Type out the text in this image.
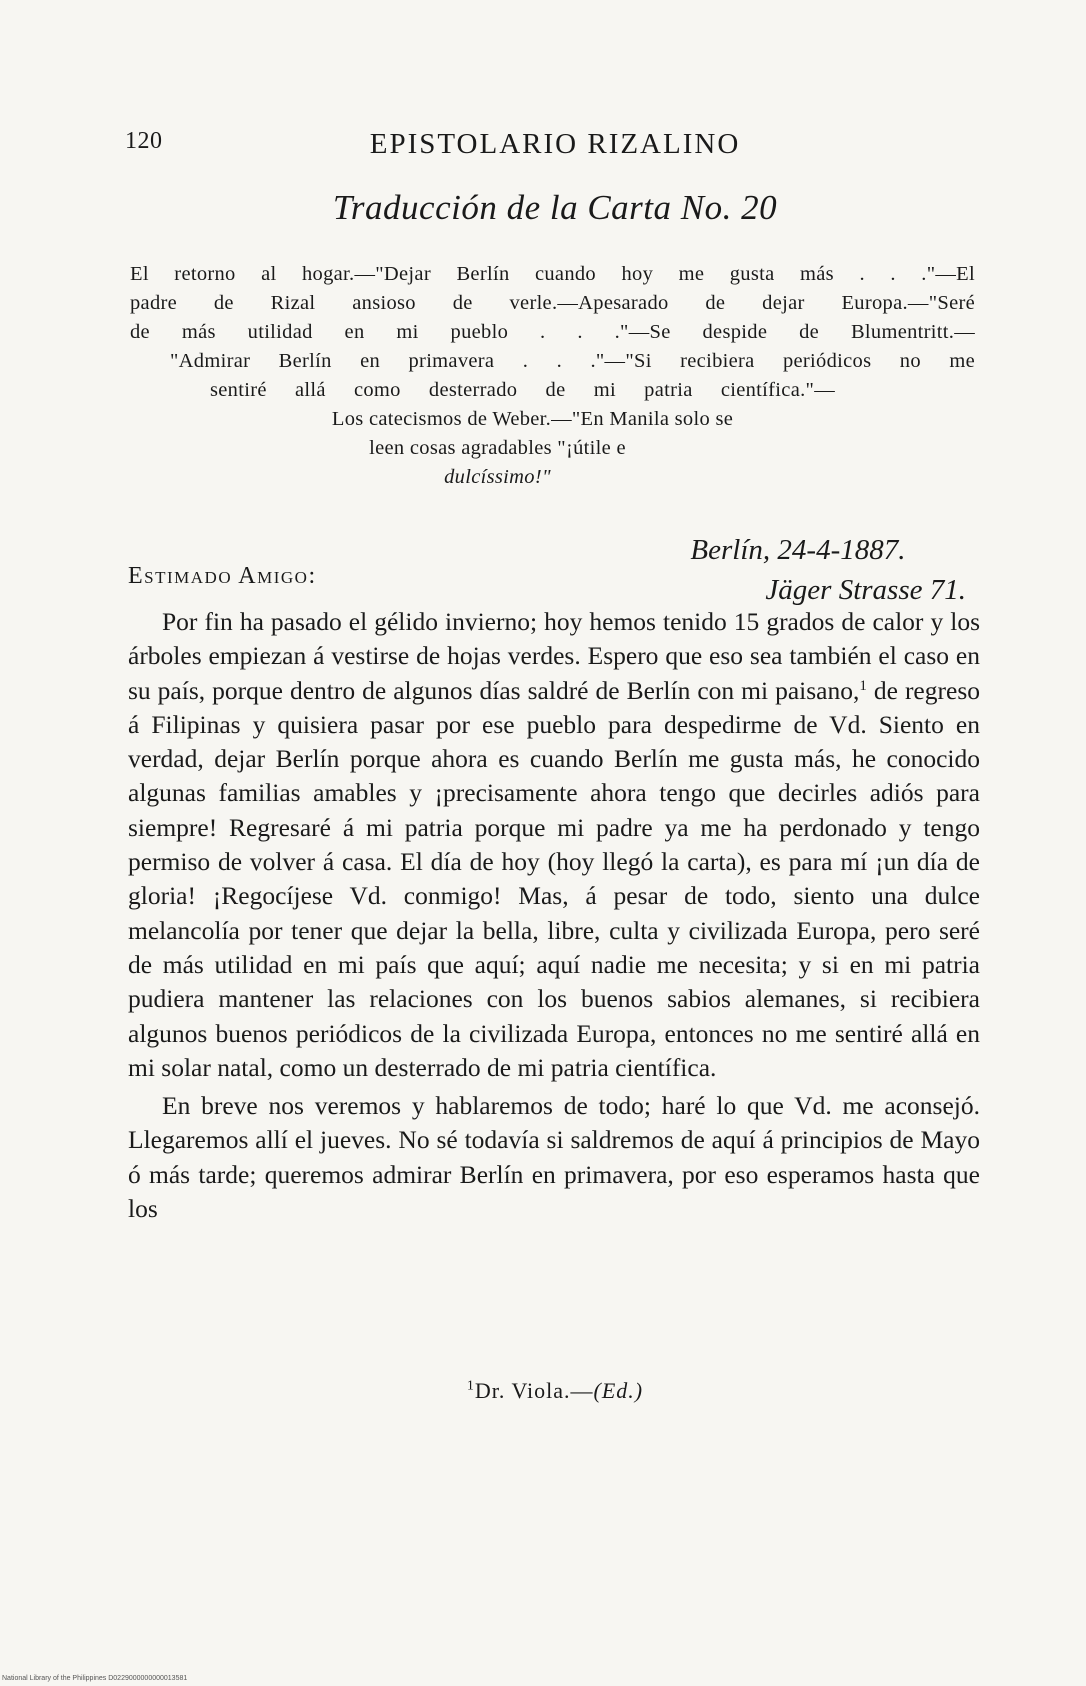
120	EPISTOLARIO RIZALINO
Traducción de la Carta No. 20

El retorno al hogar.—"Dejar Berlín cuando hoy me gusta más . . ."—El

padre de Rizal ansioso de verle.—Apesarado de dejar Europa.—"Seré

de más utilidad en mi pueblo . . ."—Se despide de Blumentritt.—

"Admirar Berlín en primavera . . ."—"Si recibiera periódicos no me

sentiré allá como desterrado de mi patria científica."—

Los catecismos de Weber.—"En Manila solo se

leen cosas agradables "¡útile e

dulcíssimo!"

Berlín, 24-4-1887.
Jäger Strasse 71.
Estimado Amigo:

Por fin ha pasado el gélido invierno; hoy hemos tenido 15 grados de calor y los árboles empiezan á vestirse de hojas verdes. Espero que eso sea también el caso en su país, porque dentro de algunos días saldré de Berlín con mi paisano,$^1$ de regreso á Filipinas y quisiera pasar por ese pueblo para despedirme de Vd. Siento en verdad, dejar Berlín porque ahora es cuando Berlín me gusta más, he conocido algunas familias amables y ¡precisamente ahora tengo que decirles adiós para siempre! Regresaré á mi patria porque mi padre ya me ha perdonado y tengo permiso de volver á casa. El día de hoy (hoy llegó la carta), es para mí ¡un día de gloria! ¡Regocíjese Vd. conmigo! Mas, á pesar de todo, siento una dulce melancolía por tener que dejar la bella, libre, culta y civilizada Europa, pero seré de más utilidad en mi país que aquí; aquí nadie me necesita; y si en mi patria pudiera mantener las relaciones con los buenos sabios alemanes, si recibiera algunos buenos periódicos de la civilizada Europa, entonces no me sentiré allá en mi solar natal, como un desterrado de mi patria científica.

En breve nos veremos y hablaremos de todo; haré lo que Vd. me aconsejó. Llegaremos allí el jueves. No sé todavía si saldremos de aquí á principios de Mayo ó más tarde; queremos admirar Berlín en primavera, por eso esperamos hasta que los

$^1$Dr. Viola.—(Ed.)
National Library of the Philippines D0229000000000013581
